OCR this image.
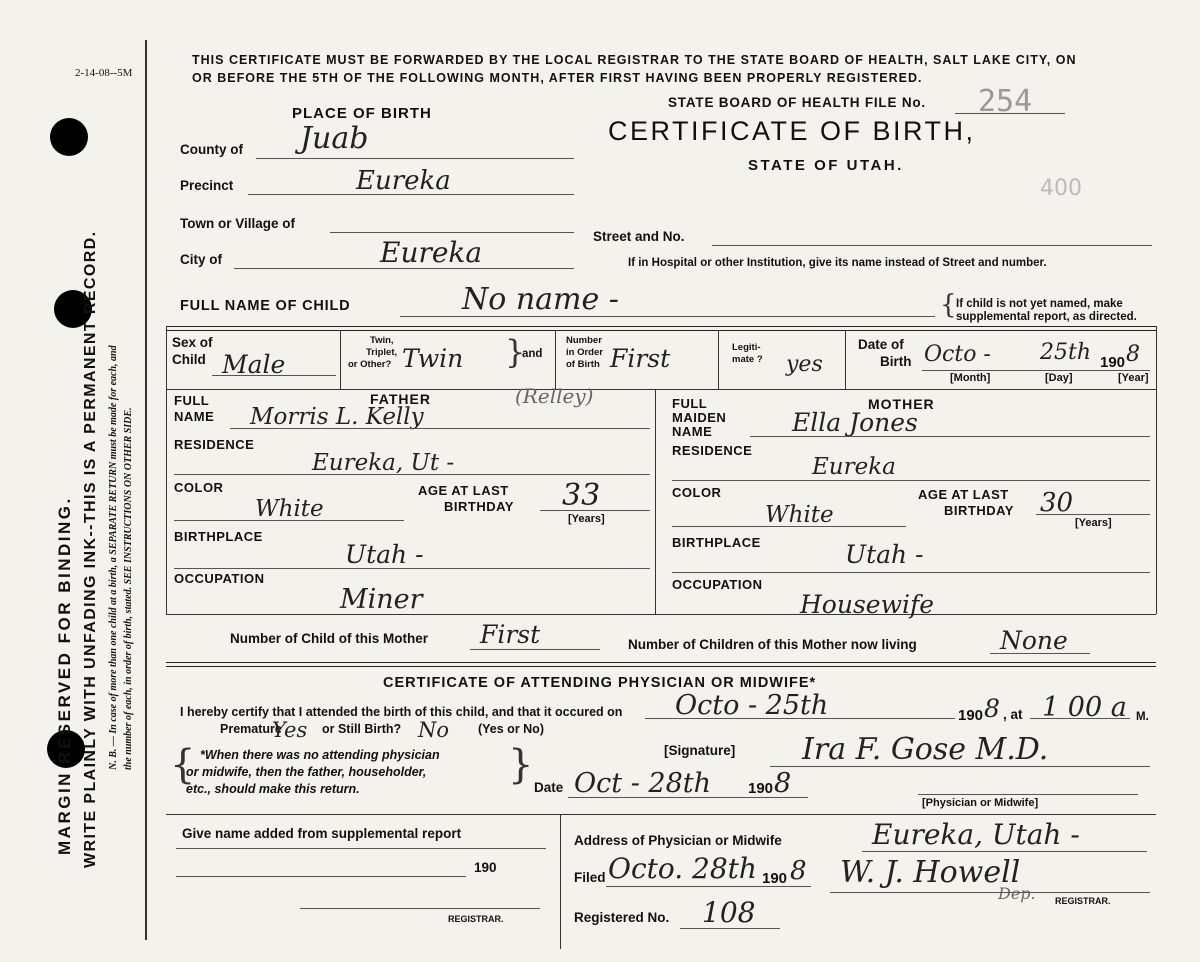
2-14-08--5M
MARGIN RESERVED FOR BINDING. WRITE PLAINLY WITH UNFADING INK--THIS IS A PERMANENT RECORD. N. B. — In case of more than one child at a birth, a SEPARATE RETURN must be made for each, and the number of each, in order of birth, stated. SEE INSTRUCTIONS ON OTHER SIDE.
THIS CERTIFICATE MUST BE FORWARDED BY THE LOCAL REGISTRAR TO THE STATE BOARD OF HEALTH, SALT LAKE CITY, ON
OR BEFORE THE 5TH OF THE FOLLOWING MONTH, AFTER FIRST HAVING BEEN PROPERLY REGISTERED.
STATE BOARD OF HEALTH FILE No. 254
CERTIFICATE OF BIRTH,
STATE OF UTAH.
400
PLACE OF BIRTH
County of Juab
Precinct	Eureka
Town or Village of
City of	Eureka	Street and No.
If in Hospital or other Institution, give its name instead of Street and number.
FULL NAME OF CHILD	No name -	{ If child is not yet named, make
supplemental report, as directed.
Sex of
Child Male
Twin,
Triplet,
or Other? Twin }
and
Number
in Order
of Birth First	Legiti-
mate ? yes
Date of
Birth Octo - 25th 190 8
[Month]	[Day]	[Year]
FATHER
FULL
NAME Morris L. Kelly
(Relley)
RESIDENCE
Eureka, Ut -
COLOR
White
AGE AT LAST
BIRTHDAY 33
[Years]
BIRTHPLACE
Utah -
OCCUPATION
Miner
MOTHER
FULL
MAIDEN
NAME	Ella Jones
RESIDENCE
Eureka
COLOR
White
AGE AT LAST
BIRTHDAY 30
[Years]
BIRTHPLACE	Utah -
OCCUPATION
Housewife
Number of Child of this Mother First	Number of Children of this Mother now living	None
CERTIFICATE OF ATTENDING PHYSICIAN OR MIDWIFE*
I hereby certify that I attended the birth of this child, and that it occured on Octo - 25th	190 8 , at 1 00 a M.
Premature
Yes or Still Birth? No (Yes or No)
{ *When there was no attending physician
or midwife, then the father, householder,
etc., should make this return.
}	[Signature] Ira F. Gose M.D.
Date Oct - 28th 190 8
[Physician or Midwife]
Give name added from supplemental report
190
REGISTRAR.
Address of Physician or Midwife	Eureka, Utah -
Filed Octo. 28th 190 8 W. J. Howell
Dep. REGISTRAR.
Registered No. 108
